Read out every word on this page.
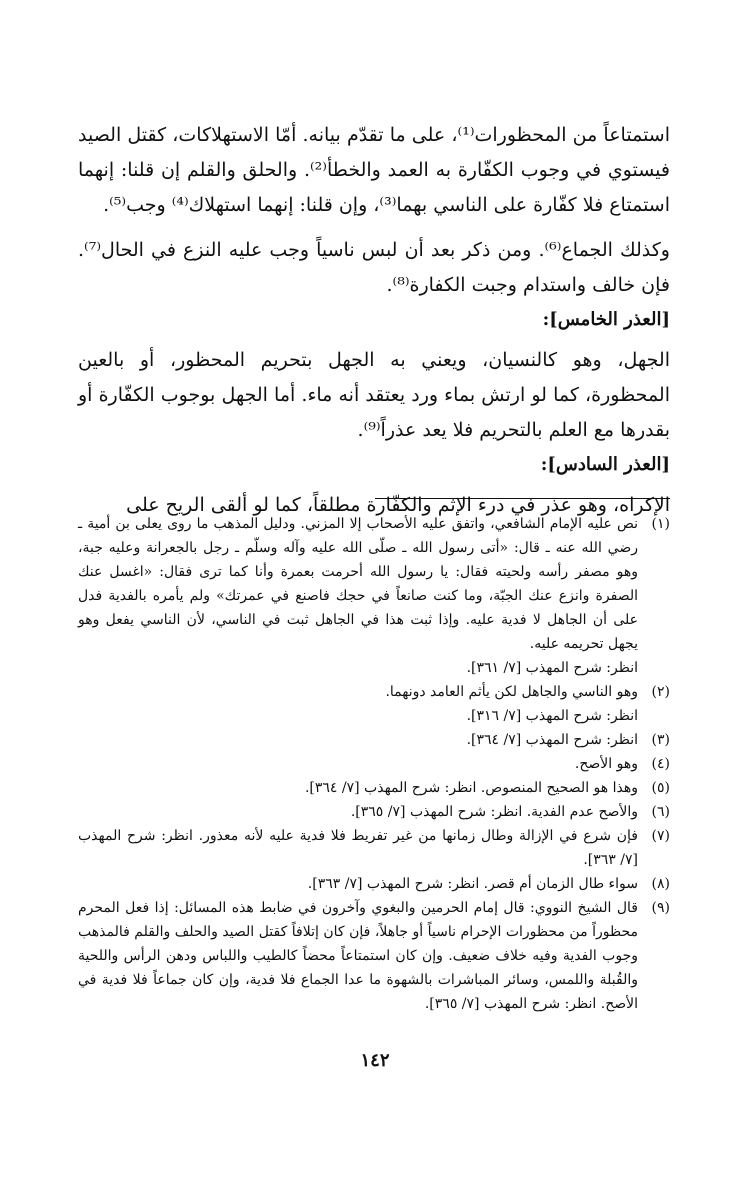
استمتاعاً من المحظورات⁽¹⁾، على ما تقدّم بيانه. أمّا الاستهلاكات، كقتل الصيد فيستوي في وجوب الكفّارة به العمد والخطأ⁽²⁾. والحلق والقلم إن قلنا: إنهما استمتاع فلا كفّارة على الناسي بهما⁽³⁾، وإن قلنا: إنهما استهلاك⁽⁴⁾ وجب⁽⁵⁾.

وكذلك الجماع⁽⁶⁾. ومن ذكر بعد أن لبس ناسياً وجب عليه النزع في الحال⁽⁷⁾. فإن خالف واستدام وجبت الكفارة⁽⁸⁾.

[العذر الخامس]:

الجهل، وهو كالنسيان، ويعني به الجهل بتحريم المحظور، أو بالعين المحظورة، كما لو ارتش بماء ورد يعتقد أنه ماء. أما الجهل بوجوب الكفّارة أو بقدرها مع العلم بالتحريم فلا يعد عذراً⁽⁹⁾.

[العذر السادس]:

الإكراه، وهو عذر في درء الإثم والكفّارة مطلقاً، كما لو ألقى الريح على

(١)
نص عليه الإمام الشافعي، واتفق عليه الأصحاب إلا المزني. ودليل المذهب ما روى يعلى بن أمية ـ رضي الله عنه ـ قال: «أتى رسول الله ـ صلّى الله عليه وآله وسلّم ـ رجل بالجعرانة وعليه جبة، وهو مصفر رأسه ولحيته فقال: يا رسول الله أحرمت بعمرة وأنا كما ترى فقال: «اغسل عنك الصفرة وانزع عنك الجبّة، وما كنت صانعاً في حجك فاصنع في عمرتك» ولم يأمره بالفدية فدل على أن الجاهل لا فدية عليه. وإذا ثبت هذا في الجاهل ثبت في الناسي، لأن الناسي يفعل وهو يجهل تحريمه عليه.
انظر: شرح المهذب [٧/ ٣٦١].
(٢)
وهو الناسي والجاهل لكن يأثم العامد دونهما.
انظر: شرح المهذب [٧/ ٣١٦].
(٣)
انظر: شرح المهذب [٧/ ٣٦٤].
(٤)
وهو الأصح.
(٥)
وهذا هو الصحيح المنصوص. انظر: شرح المهذب [٧/ ٣٦٤].
(٦)
والأصح عدم الفدية. انظر: شرح المهذب [٧/ ٣٦٥].
(٧)
فإن شرع في الإزالة وطال زمانها من غير تفريط فلا فدية عليه لأنه معذور. انظر: شرح المهذب [٧/ ٣٦٣].
(٨)
سواء طال الزمان أم قصر. انظر: شرح المهذب [٧/ ٣٦٣].
(٩)
قال الشيخ النووي: قال إمام الحرمين والبغوي وآخرون في ضابط هذه المسائل: إذا فعل المحرم محظوراً من محظورات الإحرام ناسياً أو جاهلاً، فإن كان إتلافاً كقتل الصيد والحلف والقلم فالمذهب وجوب الفدية وفيه خلاف ضعيف. وإن كان استمتاعاً محضاً كالطيب واللباس ودهن الرأس واللحية والقُبلة واللمس، وسائر المباشرات بالشهوة ما عدا الجماع فلا فدية، وإن كان جماعاً فلا فدية في الأصح. انظر: شرح المهذب [٧/ ٣٦٥].
١٤٢
